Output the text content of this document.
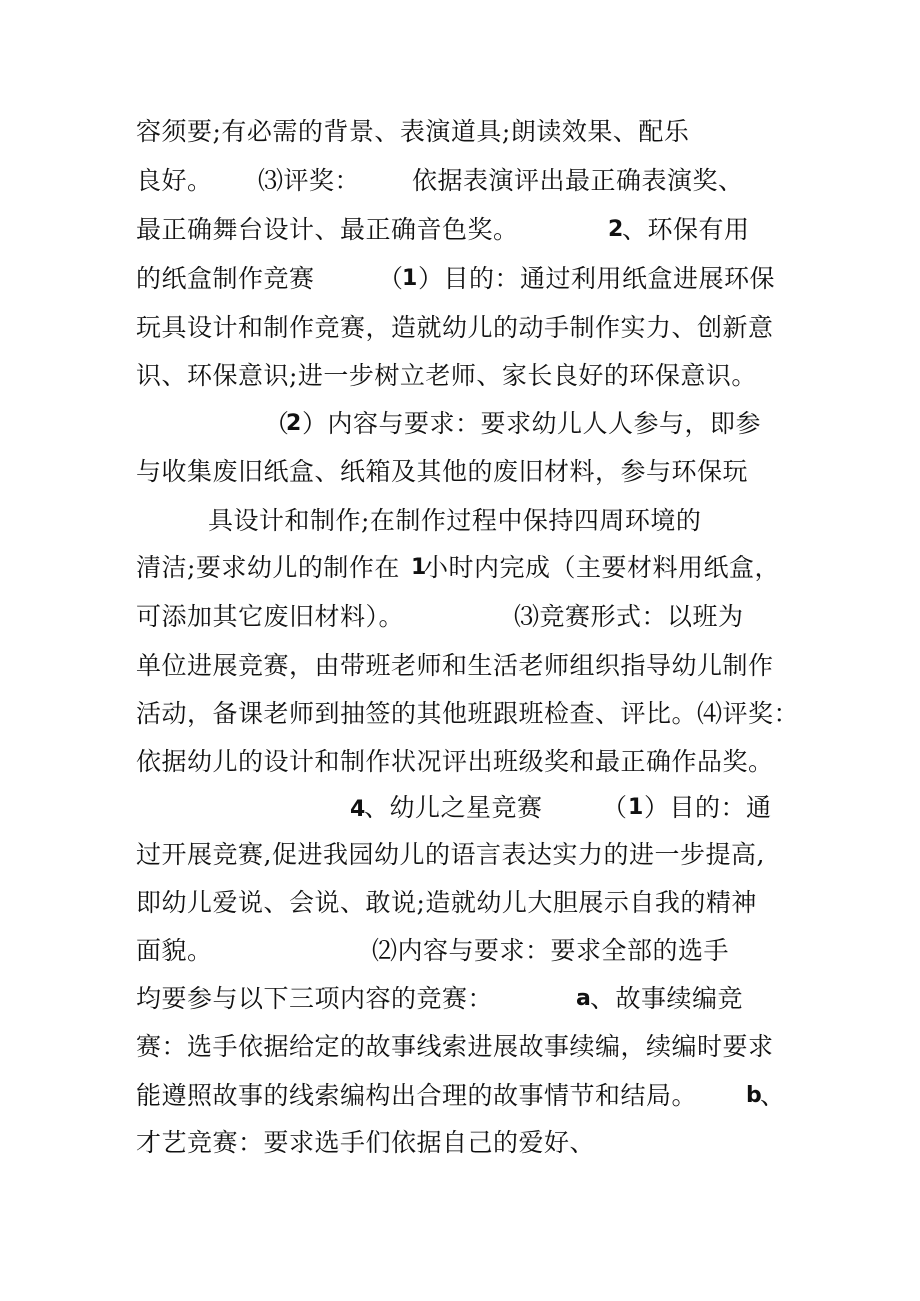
容须要;有必需的背景、表演道具;朗读效果、配乐
良好。 ⑶评奖： 依据表演评出最正确表演奖、
最正确舞台设计、最正确音色奖。	2
、环保有用
的纸盒制作竞赛	（
1 ）目的：通过利用纸盒进展环保
玩具设计和制作竞赛，造就幼儿的动手制作实力、创新意
识、环保意识;进一步树立老师、家长良好的环保意识。
（
2 ）内容与要求：要求幼儿人人参与，即参
与收集废旧纸盒、纸箱及其他的废旧材料，参与环保玩
具设计和制作;在制作过程中保持四周环境的
清洁;要求幼儿的制作在 1
小时内完成（主要材料用纸盒，
可添加其它废旧材料）。	⑶竞赛形式：以班为
单位进展竞赛，由带班老师和生活老师组织指导幼儿制作
活动，备课老师到抽签的其他班跟班检查、评比。⑷评奖：
依据幼儿的设计和制作状况评出班级奖和最正确作品奖。
4
、幼儿之星竞赛 （ 1 ）目的：通
过开展竞赛,促进我园幼儿的语言表达实力的进一步提高,
即幼儿爱说、会说、敢说;造就幼儿大胆展示自我的精神
面貌。	⑵内容与要求：要求全部的选手
均要参与以下三项内容的竞赛：	a
、故事续编竞
赛：选手依据给定的故事线索进展故事续编，续编时要求
能遵照故事的线索编构出合理的故事情节和结局。 b
、
才艺竞赛：要求选手们依据自己的爱好、
